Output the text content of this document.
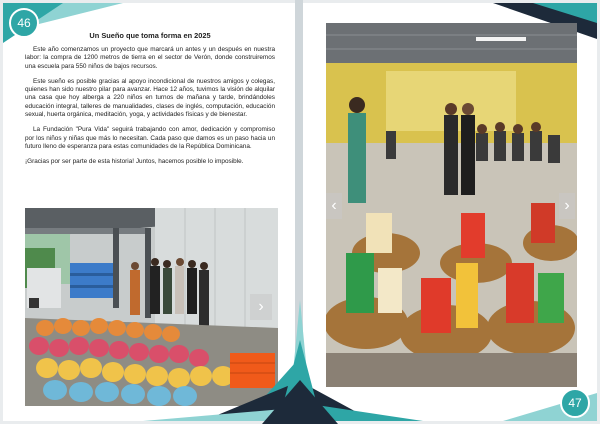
46
Un Sueño que toma forma en 2025

Este año comenzamos un proyecto que marcará un antes y un después en nuestra labor: la compra de 1200 metros de tierra en el sector de Verón, donde construiremos una escuela para 550 niños de bajos recursos.

Este sueño es posible gracias al apoyo incondicional de nuestros amigos y colegas, quienes han sido nuestro pilar para avanzar. Hace 12 años, tuvimos la visión de alquilar una casa que hoy alberga a 220 niños en turnos de mañana y tarde, brindándoles educación integral, talleres de manualidades, clases de inglés, computación, educación sexual, huerta orgánica, meditación, yoga, y actividades físicas y de bienestar.

La Fundación "Pura Vida" seguirá trabajando con amor, dedicación y compromiso por los niños y niñas que más lo necesitan. Cada paso que damos es un paso hacia un futuro lleno de esperanza para estas comunidades de la República Dominicana.

¡Gracias por ser parte de esta historia! Juntos, hacemos posible lo imposible.

›
‹	›
47
